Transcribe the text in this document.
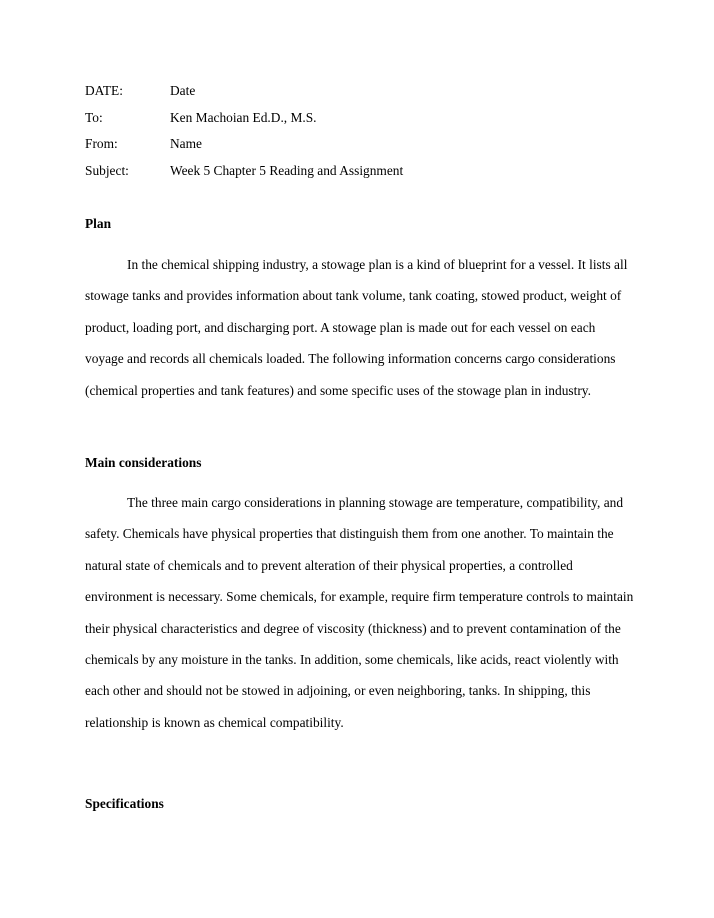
DATE:	Date
To:	Ken Machoian Ed.D., M.S.
From:	Name
Subject:	Week 5 Chapter 5 Reading and Assignment
Plan

In the chemical shipping industry, a stowage plan is a kind of blueprint for a vessel. It lists all stowage tanks and provides information about tank volume, tank coating, stowed product, weight of product, loading port, and discharging port. A stowage plan is made out for each vessel on each voyage and records all chemicals loaded. The following information concerns cargo considerations (chemical properties and tank features) and some specific uses of the stowage plan in industry.

Main considerations

The three main cargo considerations in planning stowage are temperature, compatibility, and safety. Chemicals have physical properties that distinguish them from one another. To maintain the natural state of chemicals and to prevent alteration of their physical properties, a controlled environment is necessary. Some chemicals, for example, require firm temperature controls to maintain their physical characteristics and degree of viscosity (thickness) and to prevent contamination of the chemicals by any moisture in the tanks. In addition, some chemicals, like acids, react violently with each other and should not be stowed in adjoining, or even neighboring, tanks. In shipping, this relationship is known as chemical compatibility.

Specifications
